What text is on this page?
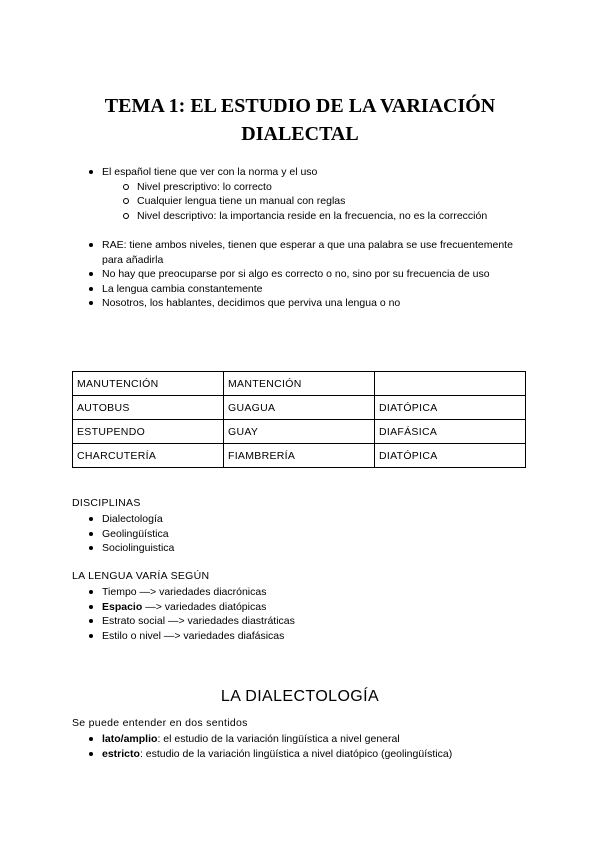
TEMA 1: EL ESTUDIO DE LA VARIACIÓN DIALECTAL
El español tiene que ver con la norma y el uso
Nivel prescriptivo: lo correcto
Cualquier lengua tiene un manual con reglas
Nivel descriptivo: la importancia reside en la frecuencia, no es la corrección
RAE: tiene ambos niveles, tienen que esperar a que una palabra se use frecuentemente para añadirla
No hay que preocuparse por si algo es correcto o no, sino por su frecuencia de uso
La lengua cambia constantemente
Nosotros, los hablantes, decidimos que perviva una lengua o no
MANUTENCIÓN	MANTENCIÓN	
AUTOBUS	GUAGUA	DIATÓPICA
ESTUPENDO	GUAY	DIAFÁSICA
CHARCUTERÍA	FIAMBRERÍA	DIATÓPICA
DISCIPLINAS
Dialectología
Geolingüística
Sociolinguistica
LA LENGUA VARÍA SEGÚN
Tiempo —> variedades diacrónicas
Espacio —> variedades diatópicas
Estrato social —> variedades diastráticas
Estilo o nivel —> variedades diafásicas
LA DIALECTOLOGÍA
Se puede entender en dos sentidos
lato/amplio: el estudio de la variación lingüística a nivel general
estricto: estudio de la variación lingüística a nivel diatópico (geolingüística)
